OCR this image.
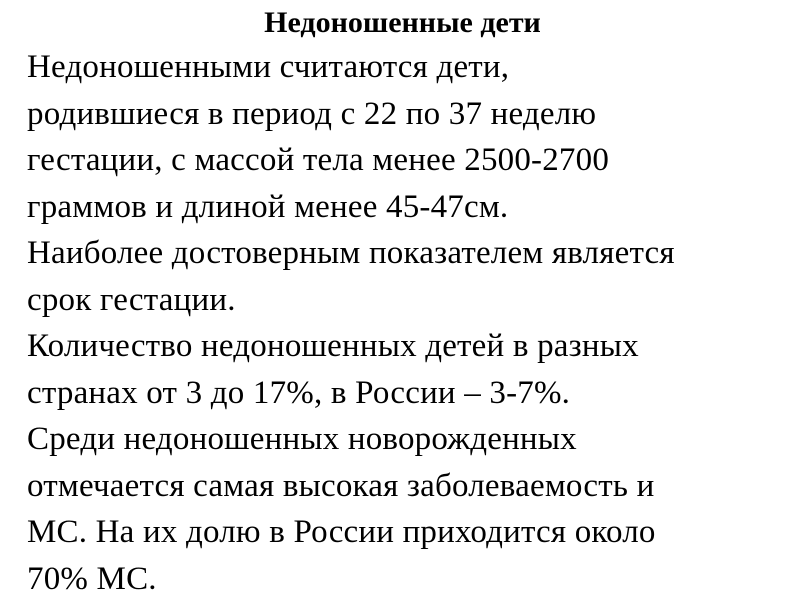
Недоношенные дети
Недоношенными считаются дети,
родившиеся в период с 22 по 37 неделю
гестации, с массой тела менее 2500-2700
граммов и длиной менее 45-47см.
Наиболее достоверным показателем является
срок гестации.
Количество недоношенных детей в разных
странах от 3 до 17%, в России – 3-7%.
Среди недоношенных новорожденных
отмечается самая высокая заболеваемость и
МС. На их долю в России приходится около
70% МС.
